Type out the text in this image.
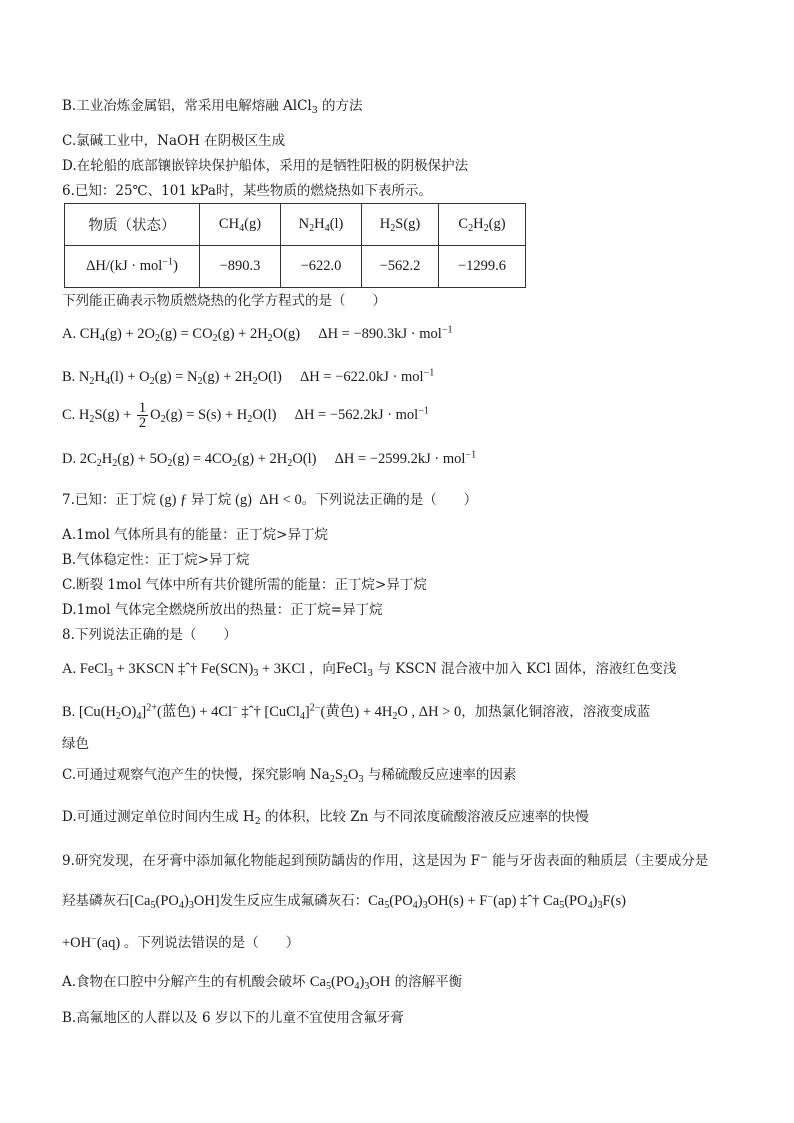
B.工业冶炼金属铝，常采用电解熔融 AlCl$_3$ 的方法
C.氯碱工业中，NaOH 在阴极区生成
D.在轮船的底部镶嵌锌块保护船体，采用的是牺牲阳极的阴极保护法
6.已知：25℃、101 kPa时，某些物质的燃烧热如下表所示。
物质（状态）	$CH_4(g)$	$N_2H_4(l)$	$H_2S(g)$	$C_2H_2(g)$
ΔH/(kJ · mol$^{-1}$)	−890.3	−622.0	−562.2	−1299.6
下列能正确表示物质燃烧热的化学方程式的是（　　）
A. $CH_4(g) + 2O_2(g) = CO_2(g) + 2H_2O(g)$     ΔH = −890.3kJ · mol$^{-1}$
B. $N_2H_4(l) + O_2(g) = N_2(g) + 2H_2O(l)$     ΔH = −622.0kJ · mol$^{-1}$
C. $H_2S(g) + \frac{1}{2} O_2(g) = S(s) + H_2O(l)$     ΔH = −562.2kJ · mol$^{-1}$
D. $2C_2H_2(g) + 5O_2(g) = 4CO_2(g) + 2H_2O(l)$     ΔH = −2599.2kJ · mol$^{-1}$
7.已知：正丁烷 (g) ƒ 异丁烷 (g)  ΔH < 0。下列说法正确的是（　　）
A.1mol 气体所具有的能量：正丁烷>异丁烷
B.气体稳定性：正丁烷>异丁烷
C.断裂 1mol 气体中所有共价键所需的能量：正丁烷>异丁烷
D.1mol 气体完全燃烧所放出的热量：正丁烷=异丁烷
8.下列说法正确的是（　　）
A. FeCl$_3$ + 3KSCN ‡ˆ† $Fe(SCN)_3 + 3KCl$ ，向FeCl$_3$ 与 KSCN 混合液中加入 KCl 固体，溶液红色变浅
B. $[Cu(H_2O)_4]^{2+}$(蓝色) + 4Cl− ‡ˆ† [CuCl$_4$]$^{2-}$(黄色) + $4H_2O$ , ΔH > 0，加热氯化铜溶液，溶液变成蓝
绿色
C.可通过观察气泡产生的快慢，探究影响 $Na_2S_2O_3$ 与稀硫酸反应速率的因素
D.可通过测定单位时间内生成 $H_2$ 的体积，比较 Zn 与不同浓度硫酸溶液反应速率的快慢
9.研究发现，在牙膏中添加氟化物能起到预防龋齿的作用，这是因为 F− 能与牙齿表面的釉质层（主要成分是
羟基磷灰石$[Ca_5(PO_4)_3OH]$发生反应生成氟磷灰石：$Ca_5(PO_4)_3OH(s) + F^-(ap)$ ‡ˆ† $Ca_5(PO_4)_3F(s)$
+OH−(aq) 。下列说法错误的是（　　）
A.食物在口腔中分解产生的有机酸会破坏 $Ca_5(PO_4)_3OH$ 的溶解平衡
B.高氟地区的人群以及 6 岁以下的儿童不宜使用含氟牙膏
